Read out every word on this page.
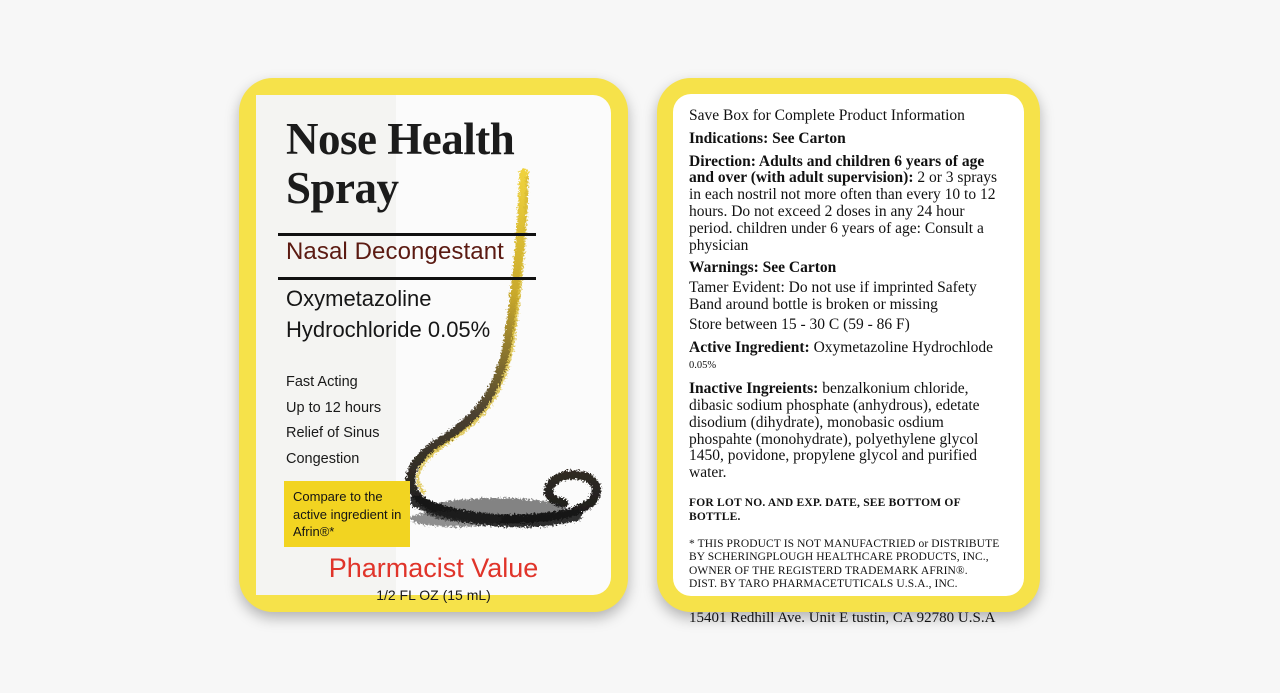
Nose Health
Spray
Nasal Decongestant
Oxymetazoline
Hydrochloride 0.05%
Fast Acting
Up to 12 hours
Relief of Sinus
Congestion

Compare to the active ingredient in Afrin®*

Pharmacist Value
1/2 FL OZ (15 mL)

Save Box for Complete Product Information

Indications: See Carton

Direction: Adults and children 6 years of age and over (with adult supervision): 2 or 3 sprays in each nostril not more often than every 10 to 12 hours. Do not exceed 2 doses in any 24 hour period. children under 6 years of age: Consult a physician

Warnings: See Carton

Tamer Evident: Do not use if imprinted Safety Band around bottle is broken or missing

Store between 15 - 30 C (59 - 86 F)

Active Ingredient: Oxymetazoline Hydrochlode 0.05%

Inactive Ingreients: benzalkonium chloride, dibasic sodium phosphate (anhydrous), edetate disodium (dihydrate), monobasic osdium phospahte (monohydrate), polyethylene glycol 1450, povidone, propylene glycol and purified water.

FOR LOT NO. AND EXP. DATE, SEE BOTTOM OF BOTTLE.

* THIS PRODUCT IS NOT MANUFACTRIED or DISTRIBUTE
BY SCHERINGPLOUGH HEALTHCARE PRODUCTS, INC.,
OWNER OF THE REGISTERD TRADEMARK AFRIN®.
DIST. BY TARO PHARMACETUTICALS U.S.A., INC.

15401 Redhill Ave. Unit E tustin, CA 92780 U.S.A
